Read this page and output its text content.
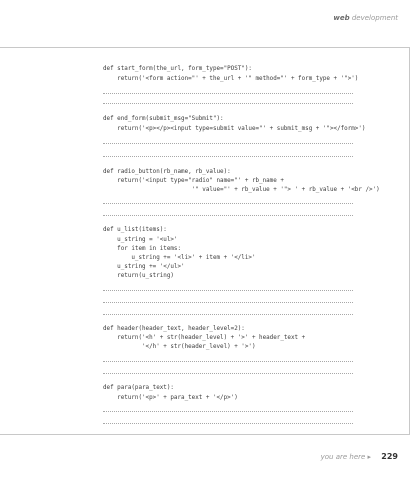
web development

def start_form(the_url, form_type="POST"):

return('<form action="' + the_url + '" method="' + form_type + '">')

def end_form(submit_msg="Submit"):

return('<p></p><input type=submit value="' + submit_msg + '"></form>')

def radio_button(rb_name, rb_value):

return('<input type="radio" name="' + rb_name +

'" value="' + rb_value + '"> ' + rb_value + '<br />')

def u_list(items):

u_string = '<ul>'

for item in items:

u_string += '<li>' + item + '</li>'

u_string += '</ul>'

return(u_string)

def header(header_text, header_level=2):

return('<h' + str(header_level) + '>' + header_text +

'</h' + str(header_level) + '>')

def para(para_text):

return('<p>' + para_text + '</p>')

you are here ▸ 229
